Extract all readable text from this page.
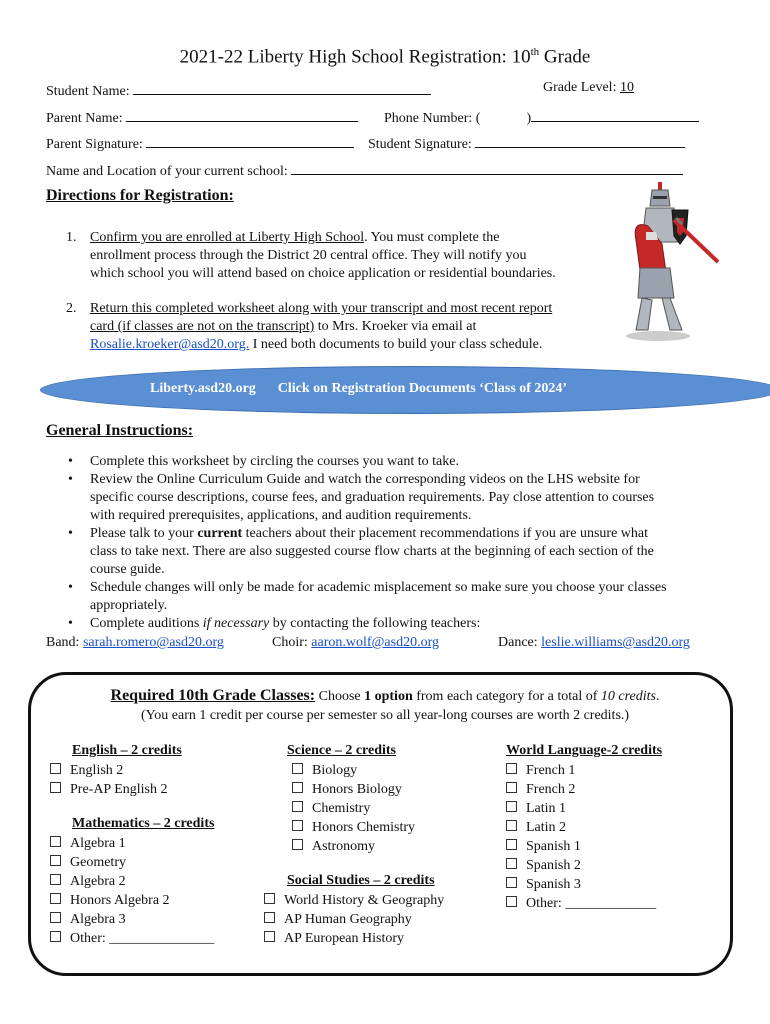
2021-22 Liberty High School Registration: 10th Grade
Student Name:	Grade Level: 10
Parent Name:	Phone Number: (	)
Parent Signature:	Student Signature:
Name and Location of your current school:
Directions for Registration:
1. Confirm you are enrolled at Liberty High School. You must complete the
enrollment process through the District 20 central office. They will notify you
which school you will attend based on choice application or residential boundaries.
2. Return this completed worksheet along with your transcript and most recent report
card (if classes are not on the transcript) to Mrs. Kroeker via email at
Rosalie.kroeker@asd20.org. I need both documents to build your class schedule.
Liberty.asd20.org Click on Registration Documents ‘Class of 2024’
General Instructions:
• Complete this worksheet by circling the courses you want to take.
• Review the Online Curriculum Guide and watch the corresponding videos on the LHS website for
specific course descriptions, course fees, and graduation requirements. Pay close attention to courses
with required prerequisites, applications, and audition requirements.
• Please talk to your current teachers about their placement recommendations if you are unsure what
class to take next. There are also suggested course flow charts at the beginning of each section of the
course guide.
• Schedule changes will only be made for academic misplacement so make sure you choose your classes
appropriately.
• Complete auditions if necessary by contacting the following teachers:
Band: sarah.romero@asd20.org	Choir: aaron.wolf@asd20.org	Dance: leslie.williams@asd20.org
Required 10th Grade Classes: Choose 1 option from each category for a total of 10 credits.
(You earn 1 credit per course per semester so all year-long courses are worth 2 credits.)
English – 2 credits
English 2
Pre-AP English 2
Mathematics – 2 credits
Algebra 1
Geometry
Algebra 2
Honors Algebra 2
Algebra 3
Other: _______________
Science – 2 credits
Biology
Honors Biology
Chemistry
Honors Chemistry
Astronomy
Social Studies – 2 credits
World History & Geography
AP Human Geography
AP European History
World Language-2 credits
French 1
French 2
Latin 1
Latin 2
Spanish 1
Spanish 2
Spanish 3
Other: _____________
